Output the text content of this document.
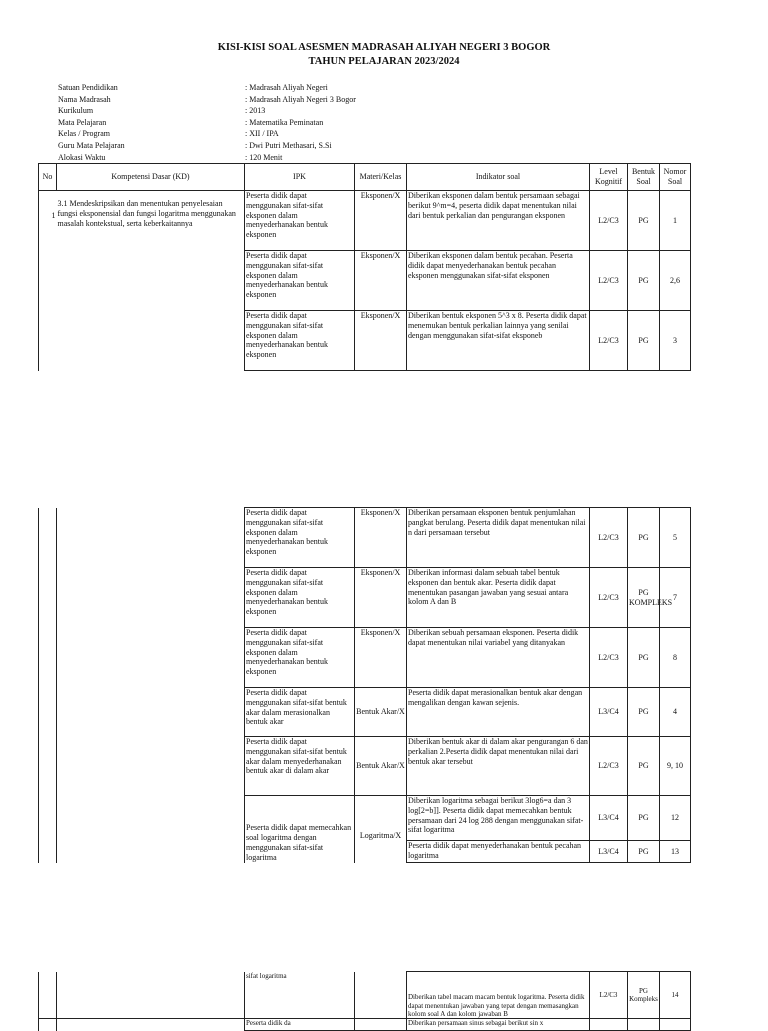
KISI-KISI SOAL ASESMEN MADRASAH ALIYAH NEGERI 3 BOGOR
TAHUN PELAJARAN 2023/2024
Satuan Pendidikan	: Madrasah Aliyah Negeri
Nama Madrasah	: Madrasah Aliyah Negeri 3 Bogor
Kurikulum	: 2013
Mata Pelajaran	: Matematika Peminatan
Kelas / Program	: XII / IPA
Guru Mata Pelajaran	: Dwi Putri Methasari, S.Si
Alokasi Waktu	: 120 Menit
No	Kompetensi Dasar (KD)	IPK	Materi/Kelas	Indikator soal	Level Kognitif	Bentuk Soal	Nomor Soal
1	3.1 Mendeskripsikan dan menentukan penyelesaian fungsi eksponensial dan fungsi logaritma menggunakan masalah kontekstual, serta keberkaitannya	Peserta didik dapat menggunakan sifat-sifat eksponen dalam menyederhanakan bentuk eksponen	Eksponen/X	Diberikan eksponen dalam bentuk persamaan sebagai berikut 9^m=4, peserta didik dapat menentukan nilai dari bentuk perkalian dan pengurangan eksponen	L2/C3	PG	1
		Peserta didik dapat menggunakan sifat-sifat eksponen dalam menyederhanakan bentuk eksponen	Eksponen/X	Diberikan eksponen dalam bentuk pecahan. Peserta didik dapat menyederhanakan bentuk pecahan eksponen menggunakan sifat-sifat eksponen	L2/C3	PG	2,6
		Peserta didik dapat menggunakan sifat-sifat eksponen dalam menyederhanakan bentuk eksponen	Eksponen/X	Diberikan bentuk eksponen 5^3 x 8. Peserta didik dapat menemukan bentuk perkalian lainnya yang senilai dengan menggunakan sifat-sifat eksponeb	L2/C3	PG	3
		Peserta didik dapat menggunakan sifat-sifat eksponen dalam menyederhanakan bentuk eksponen	Eksponen/X	Diberikan persamaan eksponen bentuk penjumlahan pangkat berulang. Peserta didik dapat menentukan nilai n dari persamaan tersebut	L2/C3	PG	5
		Peserta didik dapat menggunakan sifat-sifat eksponen dalam menyederhanakan bentuk eksponen	Eksponen/X	Diberikan informasi dalam sebuah tabel bentuk eksponen dan bentuk akar. Peserta didik dapat menentukan pasangan jawaban yang sesuai antara kolom A dan B	L2/C3	PG KOMPLEKS	7
		Peserta didik dapat menggunakan sifat-sifat eksponen dalam menyederhanakan bentuk eksponen	Eksponen/X	Diberikan sebuah persamaan eksponen. Peserta didik dapat menentukan nilai variabel yang ditanyakan	L2/C3	PG	8
		Peserta didik dapat menggunakan sifat-sifat bentuk akar dalam merasionalkan bentuk akar	Bentuk Akar/X	Peserta didik dapat merasionalkan bentuk akar dengan mengalikan dengan kawan sejenis.	L3/C4	PG	4
		Peserta didik dapat menggunakan sifat-sifat bentuk akar dalam menyederhanakan bentuk akar di dalam akar	Bentuk Akar/X	Diberikan bentuk akar di dalam akar pengurangan 6 dan perkalian 2.Peserta didik dapat menentukan nilai dari bentuk akar tersebut	L2/C3	PG	9, 10
		Peserta didik dapat memecahkan soal logaritma dengan menggunakan sifat-sifat logaritma	Logaritma/X	Diberikan logaritma sebagai berikut 3log6=a dan 3 log[2=b]]. Peserta didik dapat memecahkan bentuk persamaan dari 24 log 288 dengan menggunakan sifat-sifat logaritma	L3/C4	PG	12
				Peserta didik dapat menyederhanakan bentuk pecahan logaritma	L3/C4	PG	13
		sifat logaritma		Diberikan tabel macam macam bentuk logaritma. Peserta didik dapat menentukan jawaban yang tepat dengan memasangkan kolom soal A dan kolom jawaban B	L2/C3	PG Kompleks	14
		Peserta didik da		Diberikan persamaan sinus sebagai berikut sin x			
